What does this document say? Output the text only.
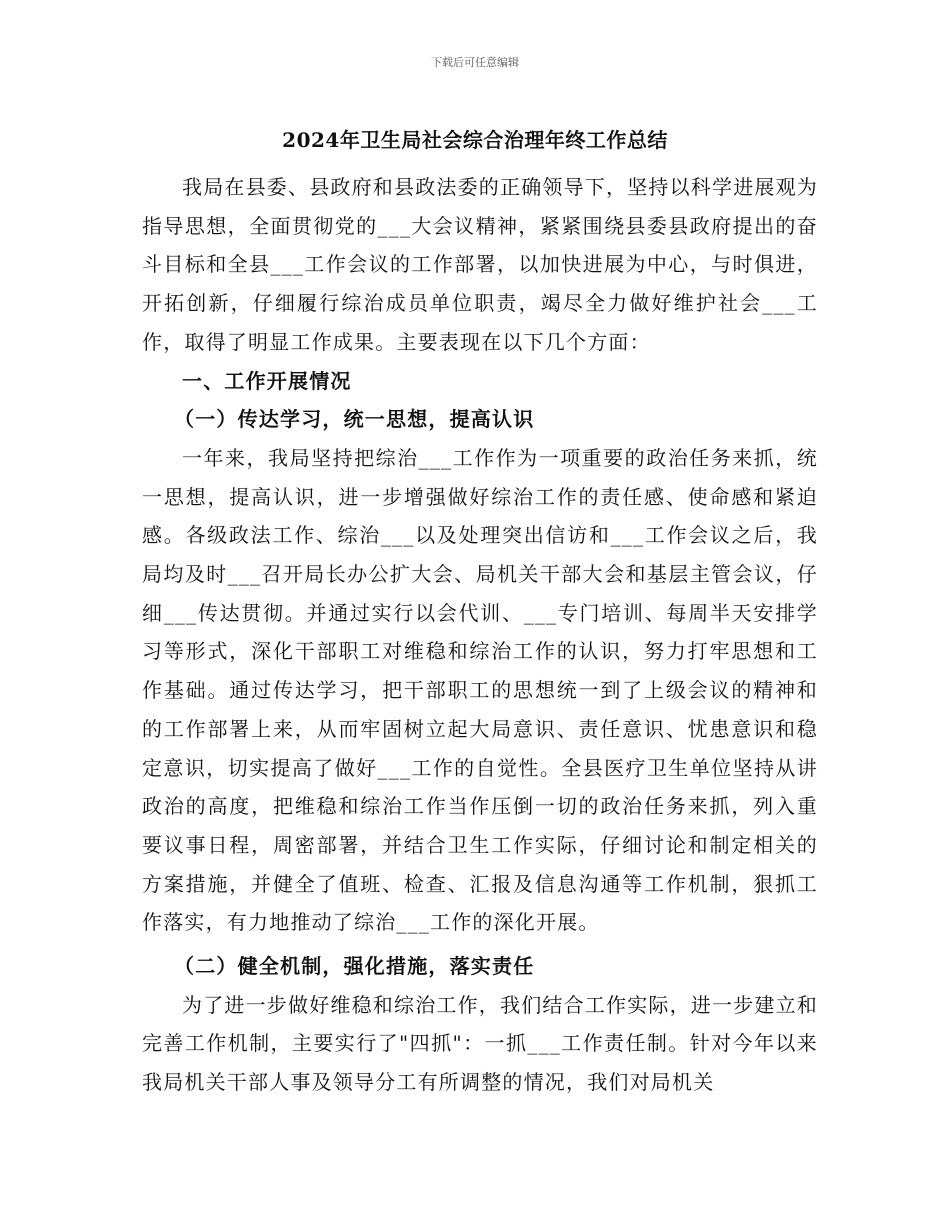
下载后可任意编辑
2024年卫生局社会综合治理年终工作总结

我局在县委、县政府和县政法委的正确领导下，坚持以科学进展观为指导思想，全面贯彻党的___大会议精神，紧紧围绕县委县政府提出的奋斗目标和全县___工作会议的工作部署，以加快进展为中心，与时俱进，开拓创新，仔细履行综治成员单位职责，竭尽全力做好维护社会___工作，取得了明显工作成果。主要表现在以下几个方面：

一、工作开展情况
（一）传达学习，统一思想，提高认识

一年来，我局坚持把综治___工作作为一项重要的政治任务来抓，统一思想，提高认识，进一步增强做好综治工作的责任感、使命感和紧迫感。各级政法工作、综治___以及处理突出信访和___工作会议之后，我局均及时___召开局长办公扩大会、局机关干部大会和基层主管会议，仔细___传达贯彻。并通过实行以会代训、___专门培训、每周半天安排学习等形式，深化干部职工对维稳和综治工作的认识，努力打牢思想和工作基础。通过传达学习，把干部职工的思想统一到了上级会议的精神和的工作部署上来，从而牢固树立起大局意识、责任意识、忧患意识和稳定意识，切实提高了做好___工作的自觉性。全县医疗卫生单位坚持从讲政治的高度，把维稳和综治工作当作压倒一切的政治任务来抓，列入重要议事日程，周密部署，并结合卫生工作实际，仔细讨论和制定相关的方案措施，并健全了值班、检查、汇报及信息沟通等工作机制，狠抓工作落实，有力地推动了综治___工作的深化开展。

（二）健全机制，强化措施，落实责任

为了进一步做好维稳和综治工作，我们结合工作实际，进一步建立和完善工作机制，主要实行了"四抓"：一抓___工作责任制。针对今年以来我局机关干部人事及领导分工有所调整的情况，我们对局机关
